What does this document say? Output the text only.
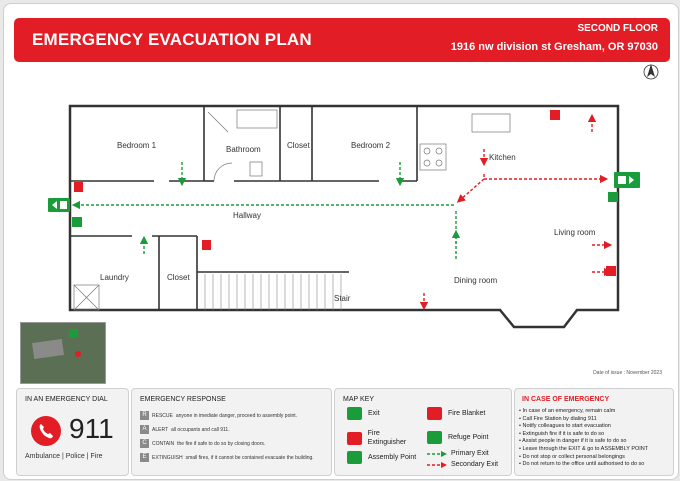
EMERGENCY EVACUATION PLAN
SECOND FLOOR
1916 nw division st Gresham, OR 97030
Bedroom 1	Bathroom	Closet	Bedroom 2
Kitchen
Hallway
Living room
Laundry	Closet
Stair
Dining room
Date of issue : November 2023
IN AN EMERGENCY DIAL
911
Ambulance | Police | Fire
EMERGENCY RESPONSE
R	RESCUE anyone in imediate danger, proceed to assembly point.
A	ALERT all occupants and call 911.
C	CONTAIN the fire if safe to do so by closing doors.
E	EXTINGUISH small fires, if it cannot be contained evacuate the building.
MAP KEY
Exit
Fire Extinguisher
Assembly Point
Fire Blanket
Refuge Point
Primary Exit
Secondary Exit
IN CASE OF EMERGENCY
• In case of an emergency, remain calm
• Call Fire Station by dialing 911
• Notify colleagues to start evacuation
• Extinguish fire if it is safe to do so
• Assist people in danger if it is safe to do so
• Leave through the EXIT & go to ASSEMBLY POINT
• Do not stop or collect personal belongings
• Do not return to the office until authorised to do so
